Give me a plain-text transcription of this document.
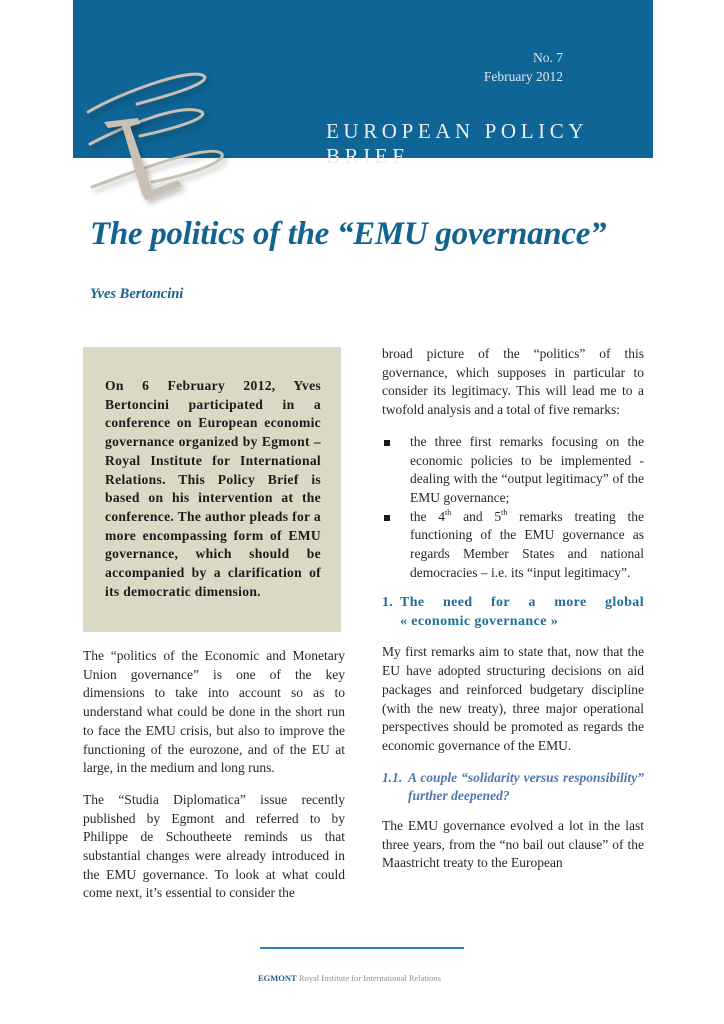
No. 7
February 2012
EUROPEAN POLICY BRIEF
The politics of the “EMU governance”
Yves Bertoncini

On 6 February 2012, Yves Bertoncini participated in a conference on European economic governance organized by Egmont – Royal Institute for International Relations. This Policy Brief is based on his intervention at the conference. The author pleads for a more encompassing form of EMU governance, which should be accompanied by a clarification of its democratic dimension.

The “politics of the Economic and Monetary Union governance” is one of the key dimensions to take into account so as to understand what could be done in the short run to face the EMU crisis, but also to improve the functioning of the eurozone, and of the EU at large, in the medium and long runs.

The “Studia Diplomatica” issue recently published by Egmont and referred to by Philippe de Schoutheete reminds us that substantial changes were already introduced in the EMU governance. To look at what could come next, it’s essential to consider the

broad picture of the “politics” of this governance, which supposes in particular to consider its legitimacy. This will lead me to a twofold analysis and a total of five remarks:

the three first remarks focusing on the economic policies to be implemented - dealing with the “output legitimacy” of the EMU governance;
the 4th and 5th remarks treating the functioning of the EMU governance as regards Member States and national democracies – i.e. its “input legitimacy”.
1. The need for a more global
« economic governance »

My first remarks aim to state that, now that the EU have adopted structuring decisions on aid packages and reinforced budgetary discipline (with the new treaty), three major operational perspectives should be promoted as regards the economic governance of the EMU.

1.1. A couple “solidarity versus responsibility” further deepened?

The EMU governance evolved a lot in the last three years, from the “no bail out clause” of the Maastricht treaty to the European

EGMONT Royal Institute for International Relations
